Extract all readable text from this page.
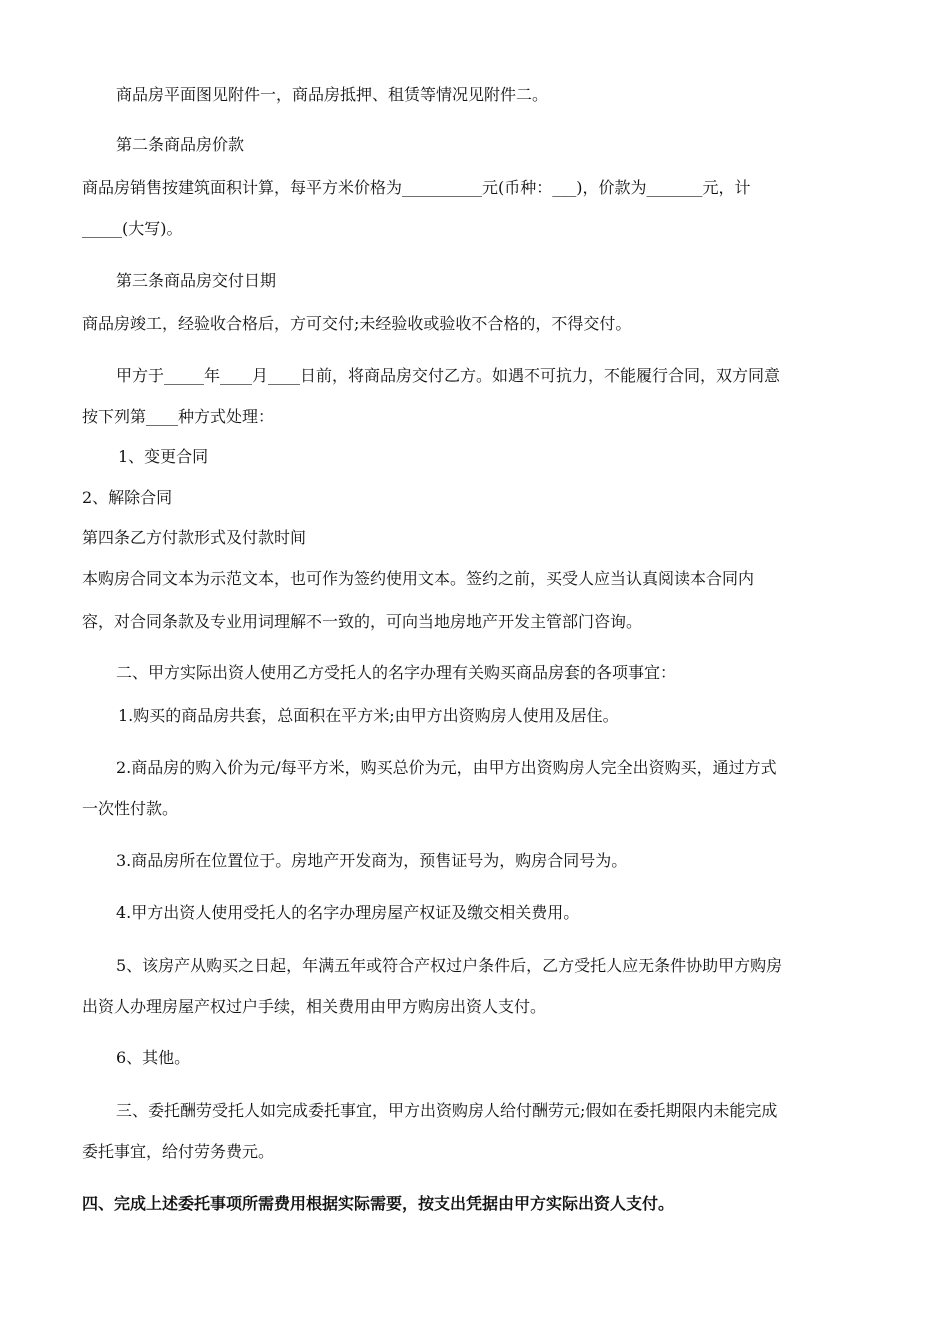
商品房平面图见附件一，商品房抵押、租赁等情况见附件二。

第二条商品房价款

商品房销售按建筑面积计算，每平方米价格为__________元(币种：___)，价款为_______元，计

_____(大写)。

第三条商品房交付日期

商品房竣工，经验收合格后，方可交付;未经验收或验收不合格的，不得交付。

甲方于_____年____月____日前，将商品房交付乙方。如遇不可抗力，不能履行合同，双方同意

按下列第____种方式处理：

1、变更合同

2、解除合同

第四条乙方付款形式及付款时间

本购房合同文本为示范文本，也可作为签约使用文本。签约之前，买受人应当认真阅读本合同内

容，对合同条款及专业用词理解不一致的，可向当地房地产开发主管部门咨询。

二、甲方实际出资人使用乙方受托人的名字办理有关购买商品房套的各项事宜：

1.购买的商品房共套，总面积在平方米;由甲方出资购房人使用及居住。

2.商品房的购入价为元/每平方米，购买总价为元，由甲方出资购房人完全出资购买，通过方式

一次性付款。

3.商品房所在位置位于。房地产开发商为，预售证号为，购房合同号为。

4.甲方出资人使用受托人的名字办理房屋产权证及缴交相关费用。

5、该房产从购买之日起，年满五年或符合产权过户条件后，乙方受托人应无条件协助甲方购房

出资人办理房屋产权过户手续，相关费用由甲方购房出资人支付。

6、其他。

三、委托酬劳受托人如完成委托事宜，甲方出资购房人给付酬劳元;假如在委托期限内未能完成

委托事宜，给付劳务费元。

四、完成上述委托事项所需费用根据实际需要，按支出凭据由甲方实际出资人支付。
